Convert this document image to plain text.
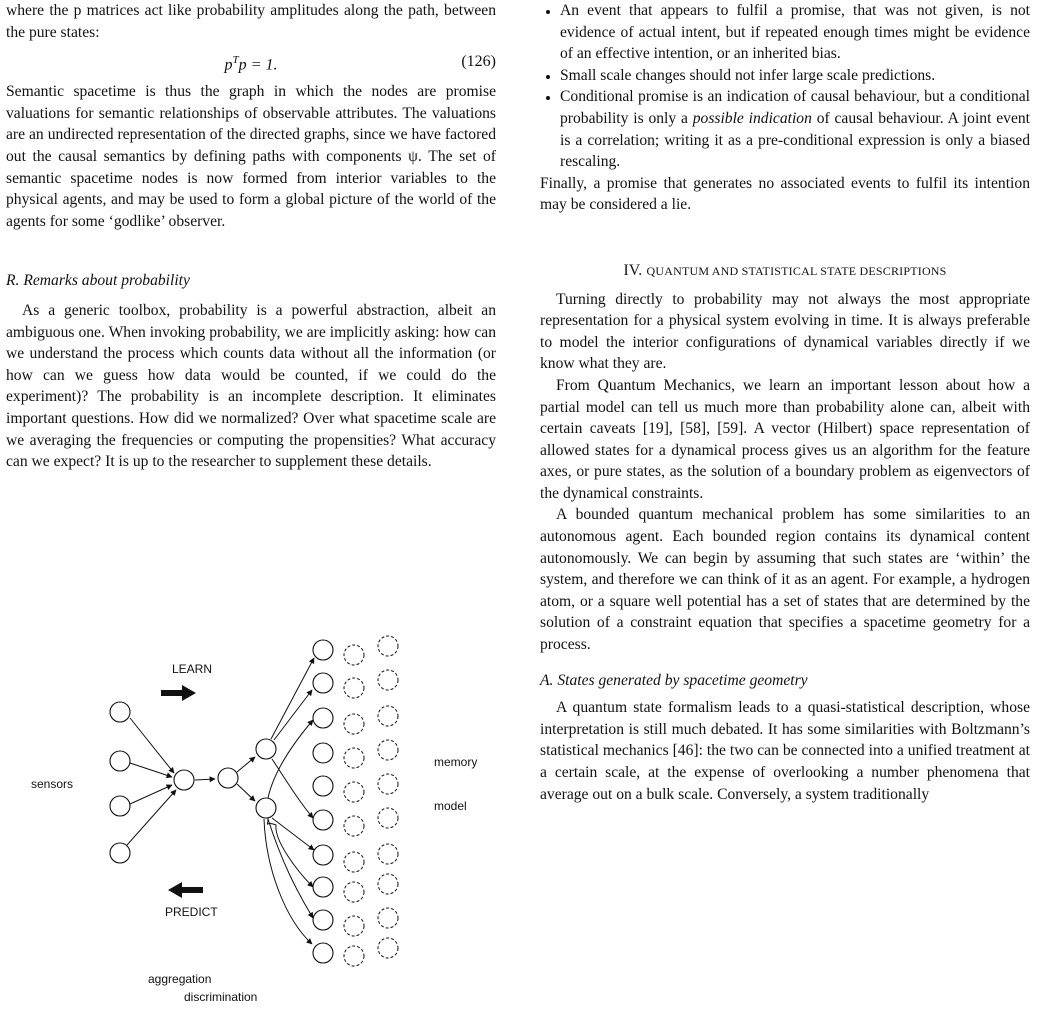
where the p matrices act like probability amplitudes along the path, between the pure states:

$p^Tp = 1$.	(126)

Semantic spacetime is thus the graph in which the nodes are promise valuations for semantic relationships of observable attributes. The valuations are an undirected representation of the directed graphs, since we have factored out the causal semantics by defining paths with components ψ. The set of semantic spacetime nodes is now formed from interior variables to the physical agents, and may be used to form a global picture of the world of the agents for some ‘godlike’ observer.

R. Remarks about probability

As a generic toolbox, probability is a powerful abstraction, albeit an ambiguous one. When invoking probability, we are implicitly asking: how can we understand the process which counts data without all the information (or how can we guess how data would be counted, if we could do the experiment)? The probability is an incomplete description. It eliminates important questions. How did we normalized? Over what spacetime scale are we averaging the frequencies or computing the propensities? What accuracy can we expect? It is up to the researcher to supplement these details.

LEARN
PREDICT
sensors
memory
model
aggregation
discrimination
• An event that appears to fulfil a promise, that was not given, is not evidence of actual intent, but if repeated enough times might be evidence of an effective intention, or an inherited bias.
• Small scale changes should not infer large scale predictions.
• Conditional promise is an indication of causal behaviour, but a conditional probability is only a possible indication of causal behaviour. A joint event is a correlation; writing it as a pre-conditional expression is only a biased rescaling.

Finally, a promise that generates no associated events to fulfil its intention may be considered a lie.

IV. QUANTUM AND STATISTICAL STATE DESCRIPTIONS

Turning directly to probability may not always the most appropriate representation for a physical system evolving in time. It is always preferable to model the interior configurations of dynamical variables directly if we know what they are.

From Quantum Mechanics, we learn an important lesson about how a partial model can tell us much more than probability alone can, albeit with certain caveats [19], [58], [59]. A vector (Hilbert) space representation of allowed states for a dynamical process gives us an algorithm for the feature axes, or pure states, as the solution of a boundary problem as eigenvectors of the dynamical constraints.

A bounded quantum mechanical problem has some similarities to an autonomous agent. Each bounded region contains its dynamical content autonomously. We can begin by assuming that such states are ‘within’ the system, and therefore we can think of it as an agent. For example, a hydrogen atom, or a square well potential has a set of states that are determined by the solution of a constraint equation that specifies a spacetime geometry for a process.

A. States generated by spacetime geometry

A quantum state formalism leads to a quasi-statistical description, whose interpretation is still much debated. It has some similarities with Boltzmann’s statistical mechanics [46]: the two can be connected into a unified treatment at a certain scale, at the expense of overlooking a number phenomena that average out on a bulk scale. Conversely, a system traditionally
